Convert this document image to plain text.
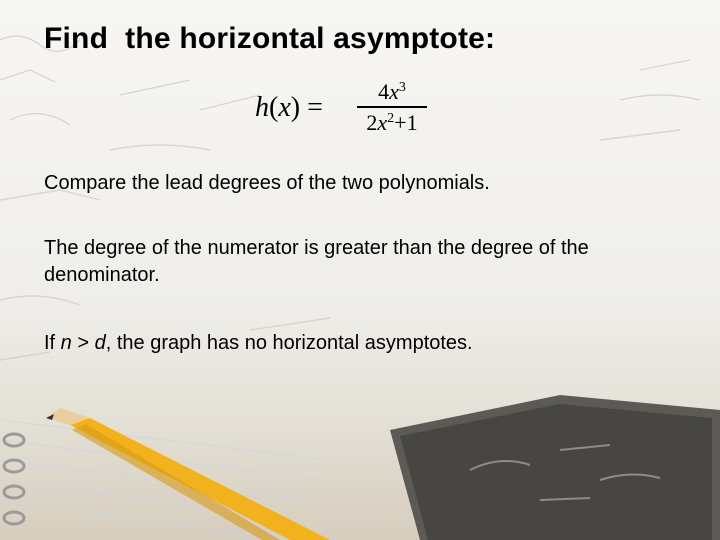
Find  the horizontal asymptote:
h(x) =
$4x^3$
$2x^2+1$
Compare the lead degrees of the two polynomials.
The degree of the numerator is greater than the degree of the denominator.
If n > d, the graph has no horizontal asymptotes.
